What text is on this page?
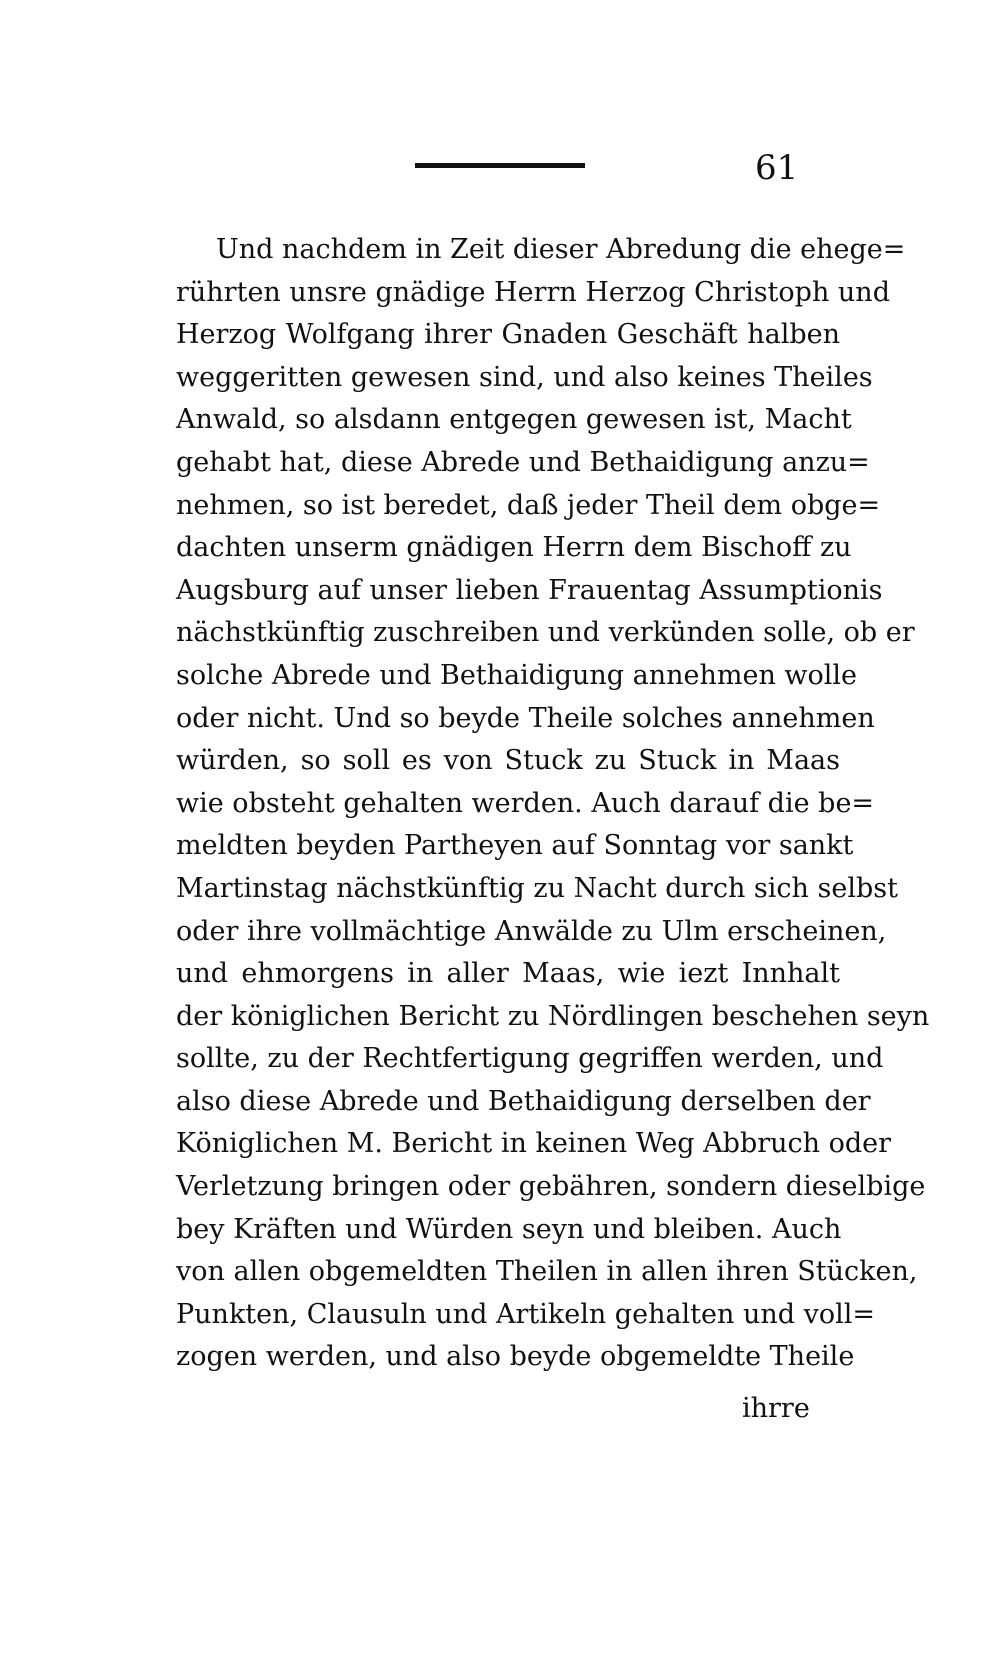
61
Und nachdem in Zeit dieser Abredung die ehege=
rührten unsre gnädige Herrn Herzog Christoph und
Herzog Wolfgang ihrer Gnaden Geschäft halben
weggeritten gewesen sind, und also keines Theiles
Anwald, so alsdann entgegen gewesen ist, Macht
gehabt hat, diese Abrede und Bethaidigung anzu=
nehmen, so ist beredet, daß jeder Theil dem obge=
dachten unserm gnädigen Herrn dem Bischoff zu
Augsburg auf unser lieben Frauentag Assumptionis
nächstkünftig zuschreiben und verkünden solle, ob er
solche Abrede und Bethaidigung annehmen wolle
oder nicht. Und so beyde Theile solches annehmen
würden, so soll es von Stuck zu Stuck in Maas
wie obsteht gehalten werden. Auch darauf die be=
meldten beyden Partheyen auf Sonntag vor sankt
Martinstag nächstkünftig zu Nacht durch sich selbst
oder ihre vollmächtige Anwälde zu Ulm erscheinen,
und ehmorgens in aller Maas, wie iezt Innhalt
der königlichen Bericht zu Nördlingen beschehen seyn
sollte, zu der Rechtfertigung gegriffen werden, und
also diese Abrede und Bethaidigung derselben der
Königlichen M. Bericht in keinen Weg Abbruch oder
Verletzung bringen oder gebähren, sondern dieselbige
bey Kräften und Würden seyn und bleiben. Auch
von allen obgemeldten Theilen in allen ihren Stücken,
Punkten, Clausuln und Artikeln gehalten und voll=
zogen werden, und also beyde obgemeldte Theile
ihrre
